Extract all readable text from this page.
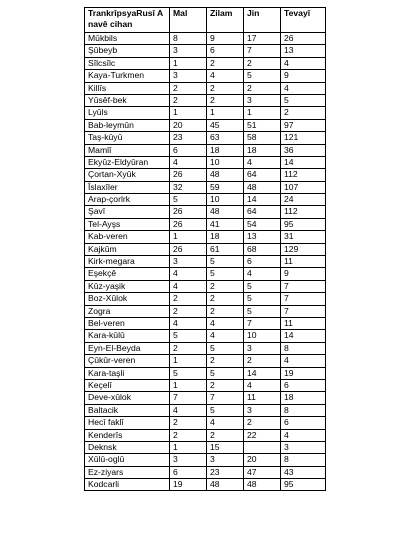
TrankrîpsyaRusî A navê cihan	Mal	Zilam	Jin	Tevayî
Mûkbils	8	9	17	26
Şûbeyb	3	6	7	13
Sîlcsîlc	1	2	2	4
Kaya-Turkmen	3	4	5	9
Killîs	2	2	2	4
Yûsêf-bek	2	2	3	5
Lyûls	1	1	1	2
Bab-leymûn	20	45	51	97
Taş-kûyû	23	63	58	121
Mamlî	6	18	18	36
Ekyûz-Eldyûran	4	10	4	14
Çortan-Xyûk	26	48	64	112
Îslaxîler	32	59	48	107
Arap-çorlrk	5	10	14	24
Şavî	26	48	64	112
Tel-Ayşs	26	41	54	95
Kab-veren	1	18	13	31
Kajkûm	26	61	68	129
Kirk-megara	3	5	6	11
Eşekçê	4	5	4	9
Kûz-yaşik	4	2	5	7
Boz-Xûlok	2	2	5	7
Zogra	2	2	5	7
Bel-veren	4	4	7	11
Kara-kûlû	5	4	10	14
Eyn-El-Beyda	2	5	3	8
Çûkûr-veren	1	2	2	4
Kara-taşli	5	5	14	19
Keçelî	1	2	4	6
Deve-xûlok	7	7	11	18
Baltacik	4	5	3	8
Hecî faklî	2	4	2	6
Kenderîs	2	2	22	4
Deknsk	1	15		3
Xûlû-oglû	3	3	20	8
Ez-ziyars	6	23	47	43
Kodcarli	19	48	48	95
